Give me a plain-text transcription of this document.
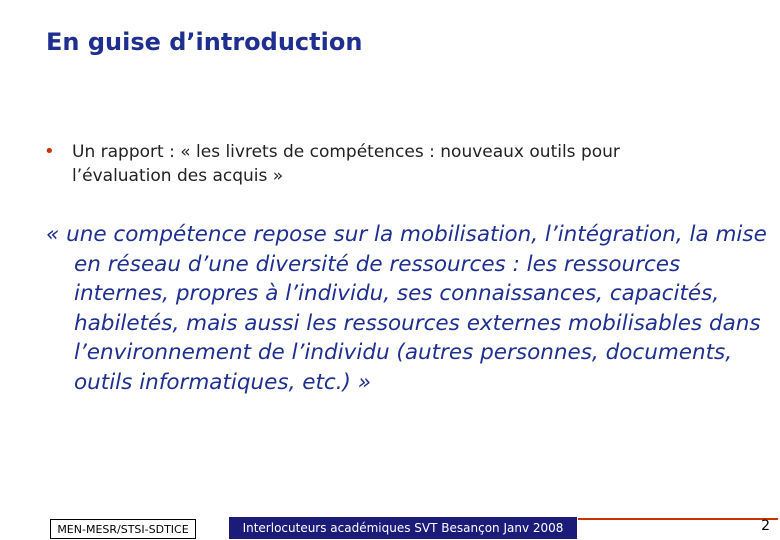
En guise d’introduction
•	Un rapport : « les livrets de compétences : nouveaux outils pour l’évaluation des acquis »
« une compétence repose sur la mobilisation, l’intégration, la mise en réseau d’une diversité de ressources : les ressources internes, propres à l’individu, ses connaissances, capacités, habiletés, mais aussi les ressources externes mobilisables dans l’environnement de l’individu (autres personnes, documents, outils informatiques, etc.) »
MEN-MESR/STSI-SDTICE	Interlocuteurs académiques SVT Besançon Janv 2008	2
